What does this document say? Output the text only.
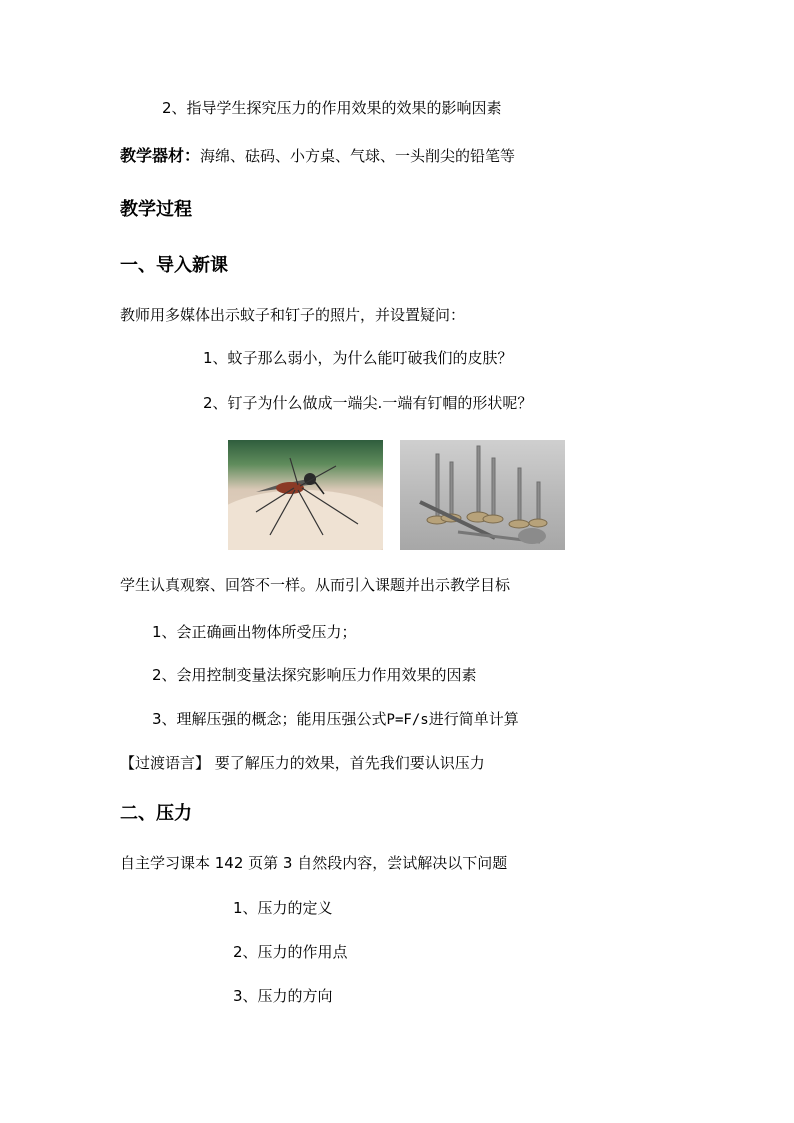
2、指导学生探究压力的作用效果的效果的影响因素
教学器材：海绵、砝码、小方桌、气球、一头削尖的铅笔等
教学过程
一、导入新课
教师用多媒体出示蚊子和钉子的照片，并设置疑问：
1、蚊子那么弱小，为什么能叮破我们的皮肤？
2、钉子为什么做成一端尖.一端有钉帽的形状呢？
学生认真观察、回答不一样。从而引入课题并出示教学目标
1、会正确画出物体所受压力；
2、会用控制变量法探究影响压力作用效果的因素
3、理解压强的概念；能用压强公式P=F/s进行简单计算
【过渡语言】 要了解压力的效果，首先我们要认识压力
二、压力
自主学习课本 142 页第 3 自然段内容，尝试解决以下问题
1、压力的定义
2、压力的作用点
3、压力的方向
